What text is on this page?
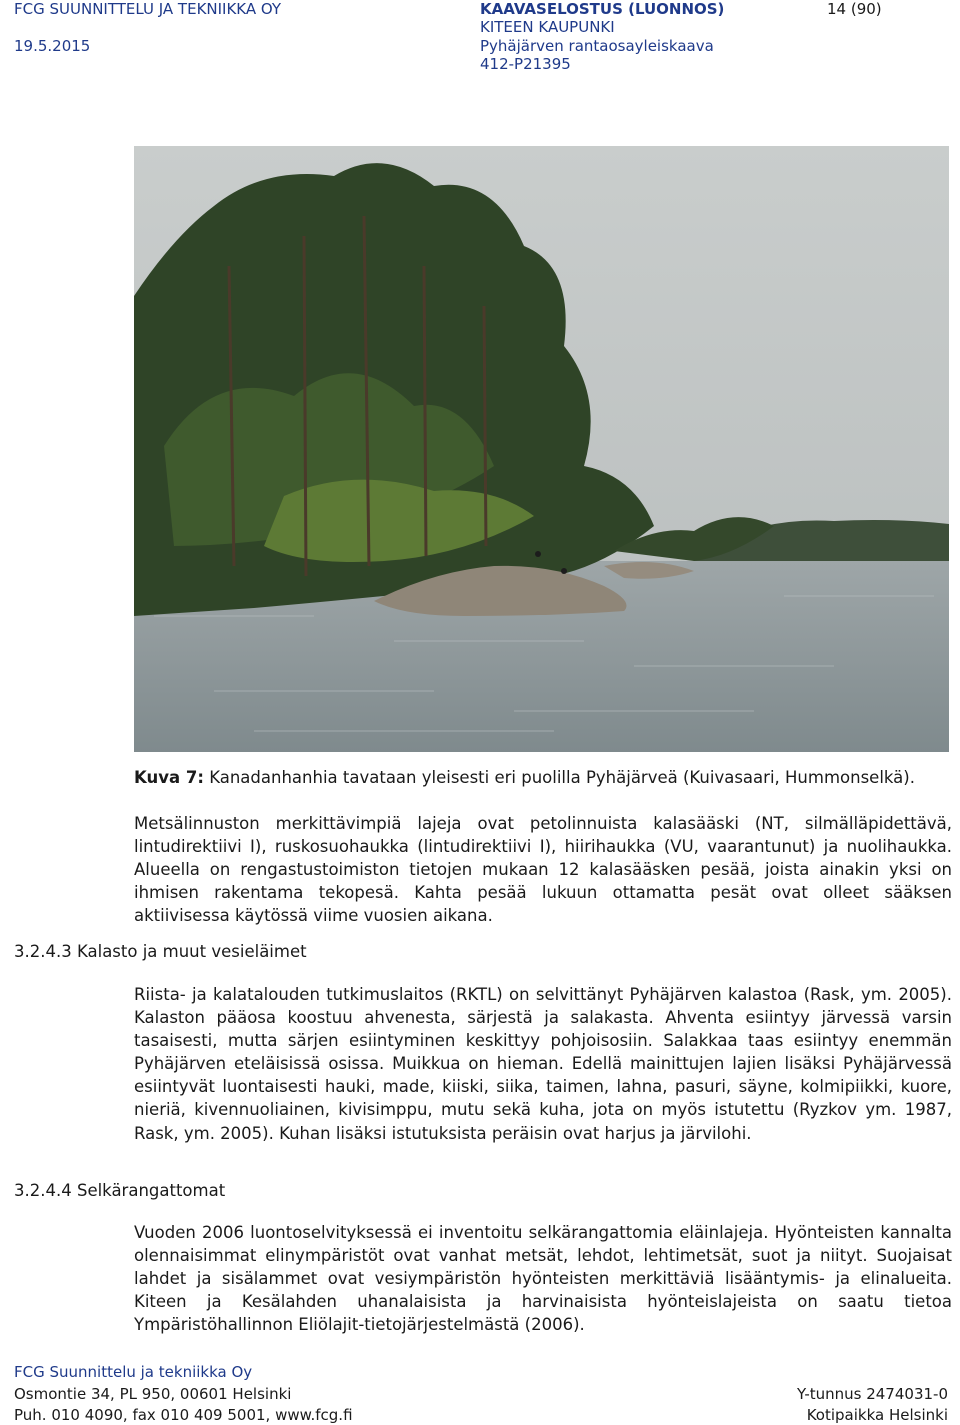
FCG SUUNNITTELU JA TEKNIIKKA OY
19.5.2015
KAAVASELOSTUS (LUONNOS)	14 (90)
KITEEN KAUPUNKI
Pyhäjärven rantaosayleiskaava
412-P21395
Kuva 7: Kanadanhanhia tavataan yleisesti eri puolilla Pyhäjärveä (Kuivasaari, Hummonselkä).

Metsälinnuston merkittävimpiä lajeja ovat petolinnuista kalasääski (NT, silmälläpidettävä, lintudirektiivi I), ruskosuohaukka (lintudirektiivi I), hiirihaukka (VU, vaarantunut) ja nuolihaukka. Alueella on rengastustoimiston tietojen mukaan 12 kalasääsken pesää, joista ainakin yksi on ihmisen rakentama tekopesä. Kahta pesää lukuun ottamatta pesät ovat olleet sääksen aktiivisessa käytössä viime vuosien aikana.

3.2.4.3 Kalasto ja muut vesieläimet

Riista- ja kalatalouden tutkimuslaitos (RKTL) on selvittänyt Pyhäjärven kalastoa (Rask, ym. 2005). Kalaston pääosa koostuu ahvenesta, särjestä ja salakasta. Ahventa esiintyy järvessä varsin tasaisesti, mutta särjen esiintyminen keskittyy pohjoisosiin. Salakkaa taas esiintyy enemmän Pyhäjärven eteläisissä osissa. Muikkua on hieman. Edellä mainittujen lajien lisäksi Pyhäjärvessä esiintyvät luontaisesti hauki, made, kiiski, siika, taimen, lahna, pasuri, säyne, kolmipiikki, kuore, nieriä, kivennuoliainen, kivisimppu, mutu sekä kuha, jota on myös istutettu (Ryzkov ym. 1987, Rask, ym. 2005). Kuhan lisäksi istutuksista peräisin ovat harjus ja järvilohi.

3.2.4.4 Selkärangattomat

Vuoden 2006 luontoselvityksessä ei inventoitu selkärangattomia eläinlajeja. Hyönteisten kannalta olennaisimmat elinympäristöt ovat vanhat metsät, lehdot, lehtimetsät, suot ja niityt. Suojaisat lahdet ja sisälammet ovat vesiympäristön hyönteisten merkittäviä lisääntymis- ja elinalueita. Kiteen ja Kesälahden uhanalaisista ja harvinaisista hyönteislajeista on saatu tietoa Ympäristöhallinnon Eliölajit-tietojärjestelmästä (2006).

FCG Suunnittelu ja tekniikka Oy
Osmontie 34, PL 950, 00601 Helsinki
Puh. 010 4090, fax 010 409 5001, www.fcg.fi
Y-tunnus 2474031-0
Kotipaikka Helsinki
